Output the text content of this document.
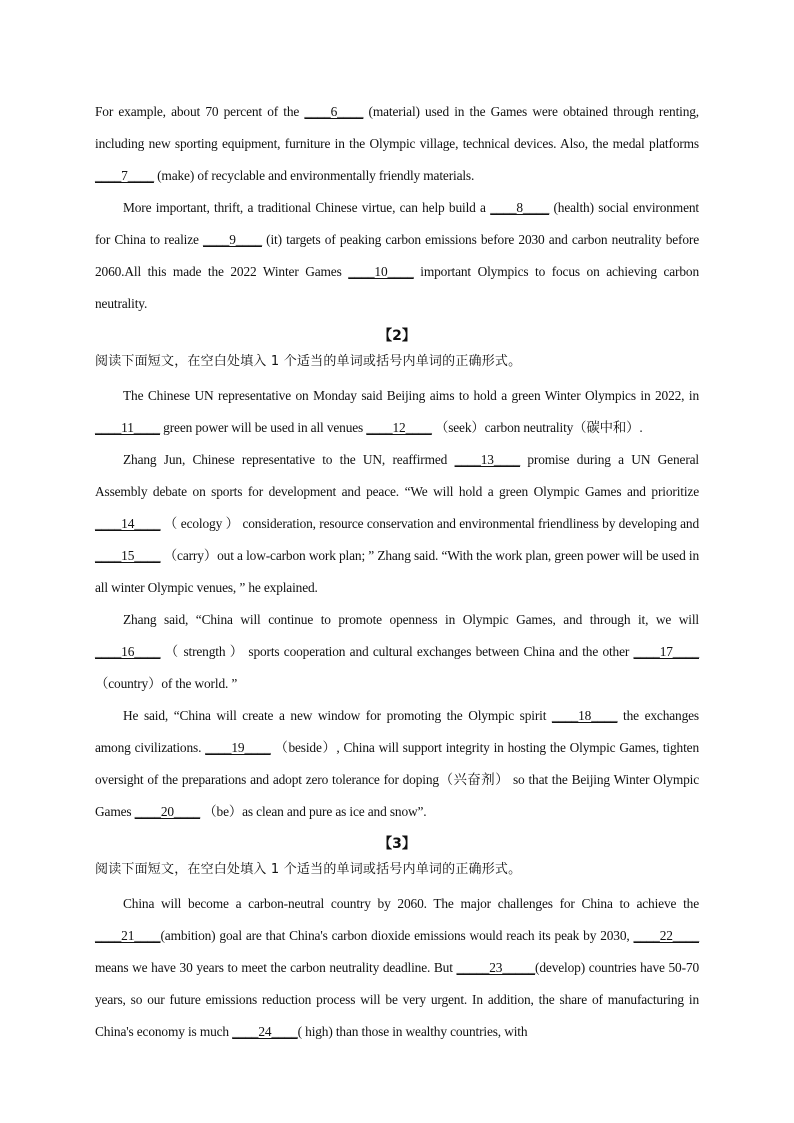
For example, about 70 percent of the ____6____ (material) used in the Games were obtained through renting, including new sporting equipment, furniture in the Olympic village, technical devices. Also, the medal platforms ____7____ (make) of recyclable and environmentally friendly materials.

More important, thrift, a traditional Chinese virtue, can help build a ____8____ (health) social environment for China to realize ____9____ (it) targets of peaking carbon emissions before 2030 and carbon neutrality before 2060.All this made the 2022 Winter Games ____10____ important Olympics to focus on achieving carbon neutrality.

【2】

阅读下面短文，在空白处填入 1 个适当的单词或括号内单词的正确形式。

The Chinese UN representative on Monday said Beijing aims to hold a green Winter Olympics in 2022, in ____11____ green power will be used in all venues ____12____ （seek）carbon neutrality（碳中和）.

Zhang Jun, Chinese representative to the UN, reaffirmed ____13____ promise during a UN General Assembly debate on sports for development and peace. “We will hold a green Olympic Games and prioritize ____14____ （ ecology ） consideration, resource conservation and environmental friendliness by developing and ____15____ （carry）out a low-carbon work plan; ” Zhang said. “With the work plan, green power will be used in all winter Olympic venues, ” he explained.

Zhang said, “China will continue to promote openness in Olympic Games, and through it, we will ____16____ （ strength ） sports cooperation and cultural exchanges between China and the other ____17____ （country）of the world. ”

He said, “China will create a new window for promoting the Olympic spirit ____18____ the exchanges among civilizations. ____19____ （beside）, China will support integrity in hosting the Olympic Games, tighten oversight of the preparations and adopt zero tolerance for doping（兴奋剂） so that the Beijing Winter Olympic Games ____20____ （be）as clean and pure as ice and snow”.

【3】

阅读下面短文，在空白处填入 1 个适当的单词或括号内单词的正确形式。

China will become a carbon-neutral country by 2060. The major challenges for China to achieve the ____21____(ambition) goal are that China's carbon dioxide emissions would reach its peak by 2030, ____22____ means we have 30 years to meet the carbon neutrality deadline. But _____23_____(develop) countries have 50-70 years, so our future emissions reduction process will be very urgent. In addition, the share of manufacturing in China's economy is much ____24____( high) than those in wealthy countries, with
